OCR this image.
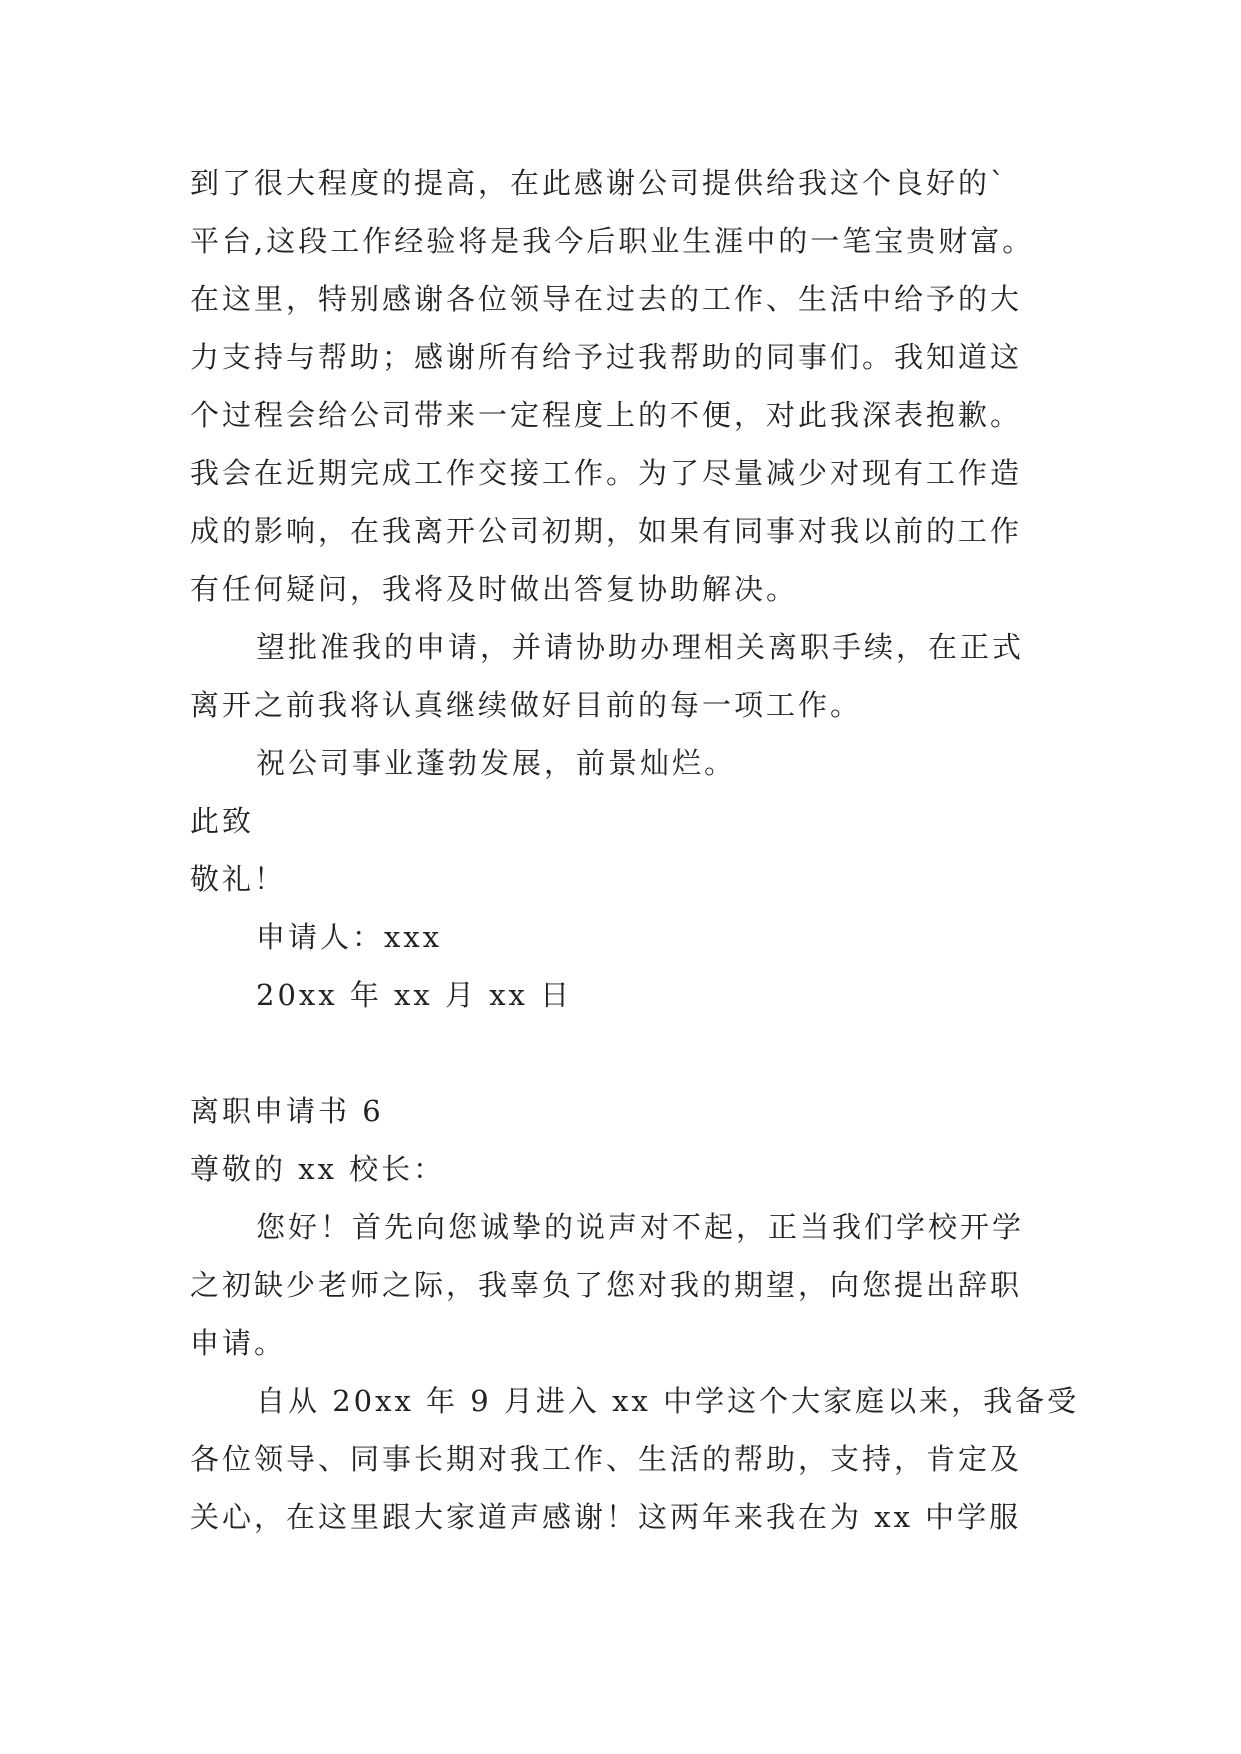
到了很大程度的提高，在此感谢公司提供给我这个良好的`
平台,这段工作经验将是我今后职业生涯中的一笔宝贵财富。
在这里，特别感谢各位领导在过去的工作、生活中给予的大
力支持与帮助；感谢所有给予过我帮助的同事们。我知道这
个过程会给公司带来一定程度上的不便，对此我深表抱歉。
我会在近期完成工作交接工作。为了尽量减少对现有工作造
成的影响，在我离开公司初期，如果有同事对我以前的工作
有任何疑问，我将及时做出答复协助解决。
望批准我的申请，并请协助办理相关离职手续，在正式
离开之前我将认真继续做好目前的每一项工作。
祝公司事业蓬勃发展，前景灿烂。
此致
敬礼！
申请人：xxx
20xx 年 xx 月 xx 日
离职申请书 6
尊敬的 xx 校长：
您好！首先向您诚挚的说声对不起，正当我们学校开学
之初缺少老师之际，我辜负了您对我的期望，向您提出辞职
申请。
自从 20xx 年 9 月进入 xx 中学这个大家庭以来，我备受
各位领导、同事长期对我工作、生活的帮助，支持，肯定及
关心，在这里跟大家道声感谢！这两年来我在为 xx 中学服
